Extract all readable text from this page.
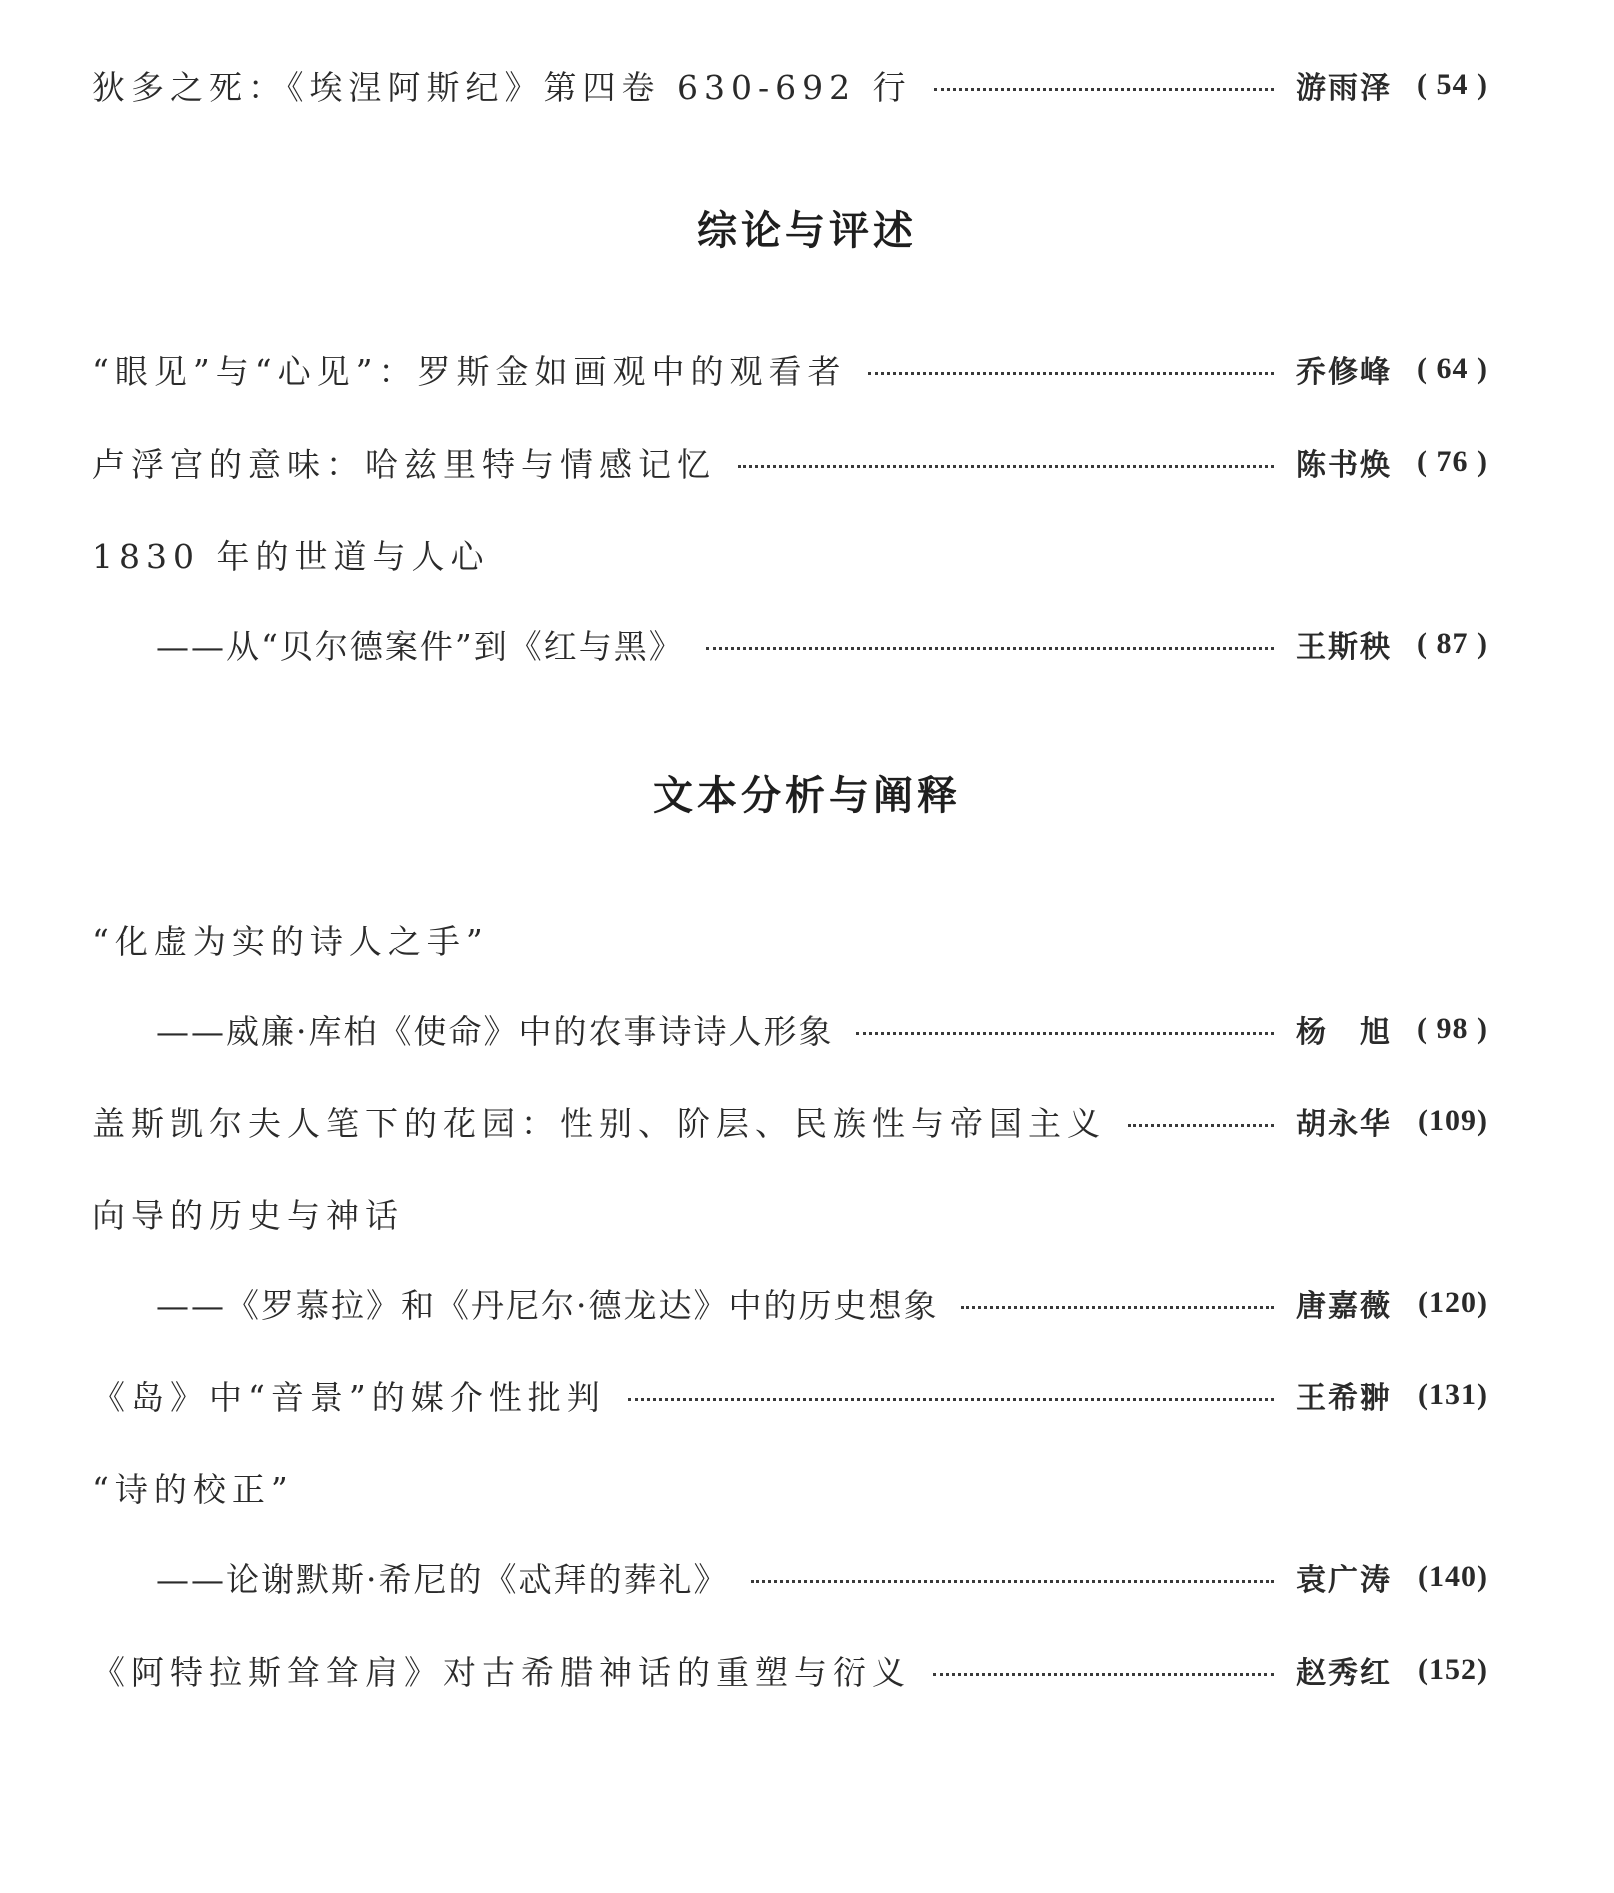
狄多之死：《埃涅阿斯纪》第四卷 630-692 行	游雨泽 ( 54 )
综论与评述
“眼见”与“心见”：罗斯金如画观中的观看者	乔修峰 ( 64 )
卢浮宫的意味：哈兹里特与情感记忆	陈书焕 ( 76 )
1830 年的世道与人心
——从“贝尔德案件”到《红与黑》	王斯秧 ( 87 )
文本分析与阐释
“化虚为实的诗人之手”
——威廉·库柏《使命》中的农事诗诗人形象	杨　旭 ( 98 )
盖斯凯尔夫人笔下的花园：性别、阶层、民族性与帝国主义	胡永华 (109)
向导的历史与神话
——《罗慕拉》和《丹尼尔·德龙达》中的历史想象	唐嘉薇 (120)
《岛》中“音景”的媒介性批判	王希翀 (131)
“诗的校正”
——论谢默斯·希尼的《忒拜的葬礼》	袁广涛 (140)
《阿特拉斯耸耸肩》对古希腊神话的重塑与衍义	赵秀红 (152)
